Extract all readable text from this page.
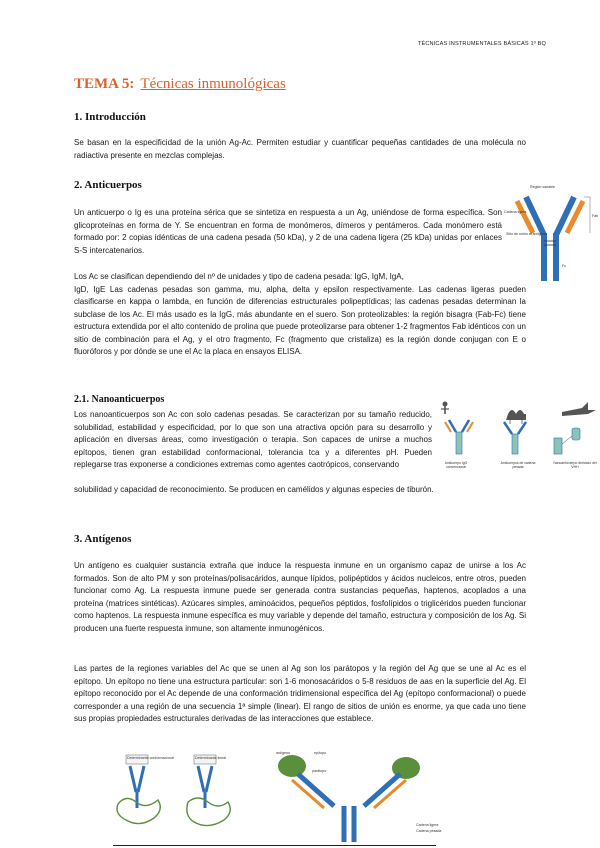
TÉCNICAS INSTRUMENTALES BÁSICAS 1º BQ
TEMA 5: Técnicas inmunológicas
1. Introducción

Se basan en la especificidad de la unión Ag-Ac. Permiten estudiar y cuantificar pequeñas cantidades de una molécula no radiactiva presente en mezclas complejas.

2. Anticuerpos

Un anticuerpo o Ig es una proteína sérica que se sintetiza en respuesta a un Ag, uniéndose de forma específica. Son glicoproteínas en forma de Y. Se encuentran en forma de monómeros, dímeros y pentámeros. Cada monómero está formado por: 2 copias idénticas de una cadena pesada (50 kDa), y 2 de una cadena ligera (25 kDa) unidas por enlaces S-S intercatenarios.

Los Ac se clasifican dependiendo del nº de unidades y tipo de cadena pesada: IgG, IgM, IgA,

IgD, IgE Las cadenas pesadas son gamma, mu, alpha, delta y epsilon respectivamente. Las cadenas ligeras pueden clasificarse en kappa o lambda, en función de diferencias estructurales polipeptídicas; las cadenas pesadas determinan la subclase de los Ac. El más usado es la IgG, más abundante en el suero. Son proteolizables: la región bisagra (Fab-Fc) tiene estructura extendida por el alto contenido de prolina que puede proteolizarse para obtener 1-2 fragmentos Fab idénticos con un sitio de combinación para el Ag, y el otro fragmento, Fc (fragmento que cristaliza) es la región donde conjugan con E o fluoróforos y por dónde se une el Ac la placa en ensayos ELISA.

Región variable
Cadena ligera
Sitio de unión al antígeno
Fab
Fc
2.1. Nanoanticuerpos

Los nanoanticuerpos son Ac con solo cadenas pesadas. Se caracterizan por su tamaño reducido, solubilidad, estabilidad y especificidad, por lo que son una atractiva opción para su desarrollo y aplicación en diversas áreas, como investigación o terapia. Son capaces de unirse a muchos epítopos, tienen gran estabilidad conformacional, tolerancia tca y a diferentes pH. Pueden replegarse tras exponerse a condiciones extremas como agentes caotrópicos, conservando

solubilidad y capacidad de reconocimiento. Se producen en camélidos y algunas especies de tiburón.

Anticuerpo IgG convencional
Anticuerpos de cadena pesada
Nanoanticuerpo derivado del VHH
3. Antígenos

Un antígeno es cualquier sustancia extraña que induce la respuesta inmune en un organismo capaz de unirse a los Ac formados. Son de alto PM y son proteínas/polisacáridos, aunque lípidos, polipéptidos y ácidos nucleicos, entre otros, pueden funcionar como Ag. La respuesta inmune puede ser generada contra sustancias pequeñas, haptenos, acoplados a una proteína (matrices sintéticas). Azúcares simples, aminoácidos, pequeños péptidos, fosfolípidos o triglicéridos pueden funcionar como haptenos. La respuesta inmune específica es muy variable y depende del tamaño, estructura y composición de los Ag. Si producen una fuerte respuesta inmune, son altamente inmunogénicos.

Las partes de la regiones variables del Ac que se unen al Ag son los parátopos y la región del Ag que se une al Ac es el epítopo. Un epítopo no tiene una estructura particular: son 1-6 monosacáridos o 5-8 residuos de aas en la superficie del Ag. El epítopo reconocido por el Ac depende de una conformación tridimensional específica del Ag (epítopo conformacional) o puede corresponder a una región de una secuencia 1ª simple (linear). El rango de sitios de unión es enorme, ya que cada uno tiene sus propias propiedades estructurales derivadas de las interacciones que establece.

Determinante conformacional	Determinante lineal
epítopo
antígeno
parátopo
Cadena ligera
Cadena pesada
